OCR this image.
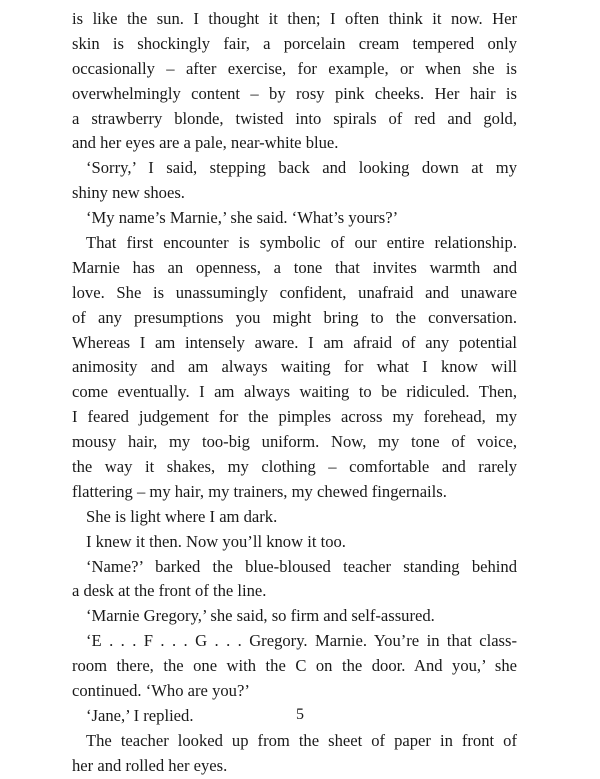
is like the sun. I thought it then; I often think it now. Her
skin is shockingly fair, a porcelain cream tempered only
occasionally – after exercise, for example, or when she is
overwhelmingly content – by rosy pink cheeks. Her hair is
a strawberry blonde, twisted into spirals of red and gold,
and her eyes are a pale, near-white blue.
‘Sorry,’ I said, stepping back and looking down at my
shiny new shoes.
‘My name’s Marnie,’ she said. ‘What’s yours?’
That first encounter is symbolic of our entire relationship.
Marnie has an openness, a tone that invites warmth and
love. She is unassumingly confident, unafraid and unaware
of any presumptions you might bring to the conversation.
Whereas I am intensely aware. I am afraid of any potential
animosity and am always waiting for what I know will
come eventually. I am always waiting to be ridiculed. Then,
I feared judgement for the pimples across my forehead, my
mousy hair, my too-big uniform. Now, my tone of voice,
the way it shakes, my clothing – comfortable and rarely
flattering – my hair, my trainers, my chewed fingernails.
She is light where I am dark.
I knew it then. Now you’ll know it too.
‘Name?’ barked the blue-bloused teacher standing behind
a desk at the front of the line.
‘Marnie Gregory,’ she said, so firm and self-assured.
‘E . . . F . . . G . . . Gregory. Marnie. You’re in that class-
room there, the one with the C on the door. And you,’ she
continued. ‘Who are you?’
‘Jane,’ I replied.
The teacher looked up from the sheet of paper in front of
her and rolled her eyes.
5
